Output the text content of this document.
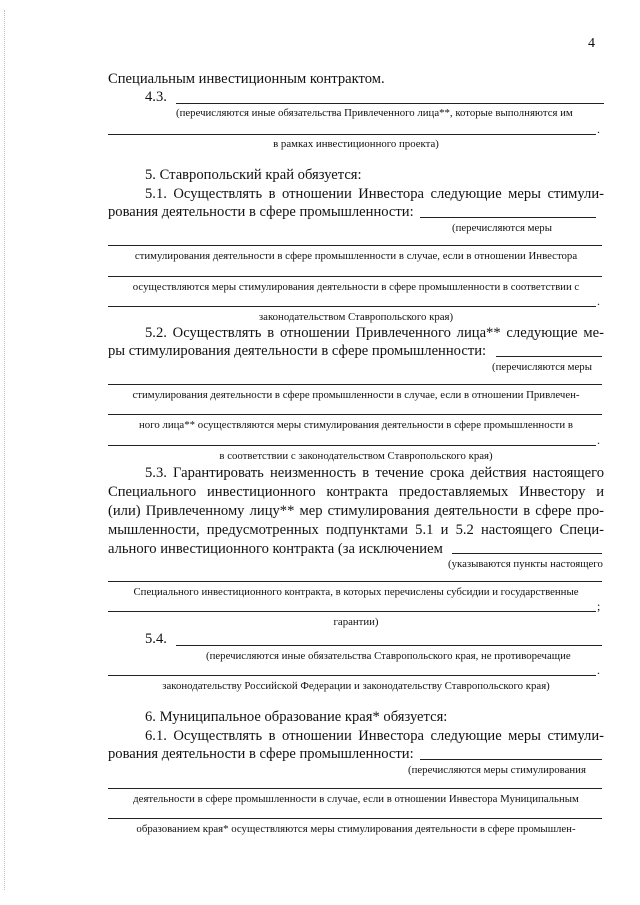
4
Специальным инвестиционным контрактом.
4.3.
(перечисляются иные обязательства Привлеченного лица**, которые выполняются им
.
в рамках инвестиционного проекта)
5. Ставропольский край обязуется:
5.1. Осуществлять в отношении Инвестора следующие меры стимули-
рования деятельности в сфере промышленности:
(перечисляются меры
стимулирования деятельности в сфере промышленности в случае, если в отношении Инвестора
осуществляются меры стимулирования деятельности в сфере промышленности в соответствии с
.
законодательством Ставропольского края)
5.2. Осуществлять в отношении Привлеченного лица** следующие ме-
ры стимулирования деятельности в сфере промышленности:
(перечисляются меры
стимулирования деятельности в сфере промышленности в случае, если в отношении Привлечен-
ного лица** осуществляются меры стимулирования деятельности в сфере промышленности в
.
в соответствии с законодательством Ставропольского края)
5.3. Гарантировать неизменность в течение срока действия настоящего
Специального инвестиционного контракта предоставляемых Инвестору и
(или) Привлеченному лицу** мер стимулирования деятельности в сфере про-
мышленности, предусмотренных подпунктами 5.1 и 5.2 настоящего Специ-
ального инвестиционного контракта (за исключением
(указываются пункты настоящего
Специального инвестиционного контракта, в которых перечислены субсидии и государственные
;
гарантии)
5.4.
(перечисляются иные обязательства Ставропольского края, не противоречащие
.
законодательству Российской Федерации и законодательству Ставропольского края)
6. Муниципальное образование края* обязуется:
6.1. Осуществлять в отношении Инвестора следующие меры стимули-
рования деятельности в сфере промышленности:
(перечисляются меры стимулирования
деятельности в сфере промышленности в случае, если в отношении Инвестора Муниципальным
образованием края* осуществляются меры стимулирования деятельности в сфере промышлен-
